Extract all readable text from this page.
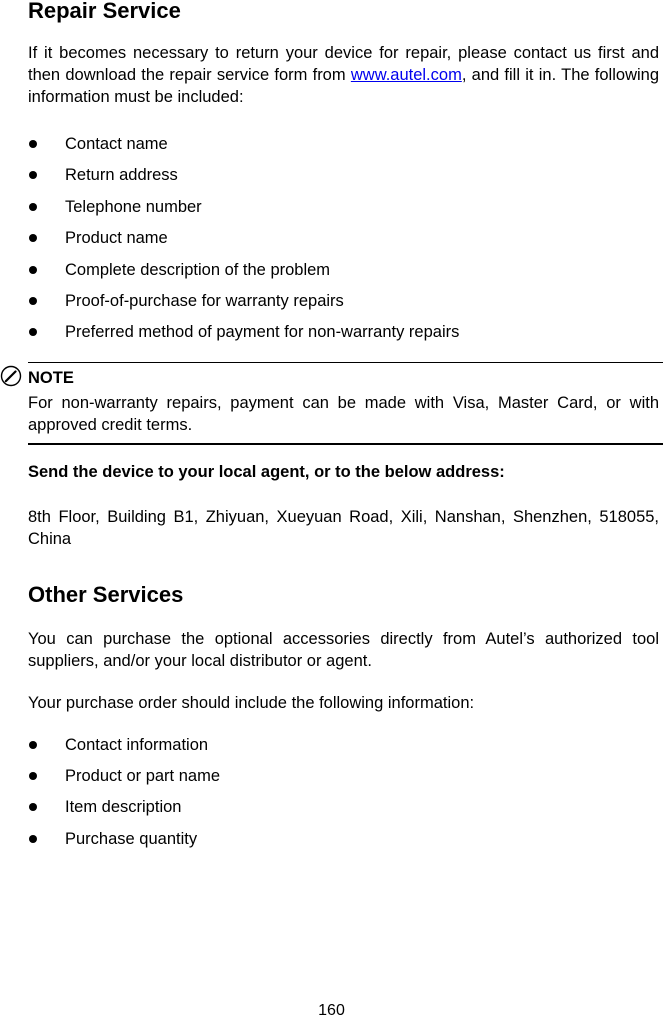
Repair Service

If it becomes necessary to return your device for repair, please contact us first and then download the repair service form from www.autel.com, and fill it in. The following information must be included:

Contact name
Return address
Telephone number
Product name
Complete description of the problem
Proof-of-purchase for warranty repairs
Preferred method of payment for non-warranty repairs

NOTE

For non-warranty repairs, payment can be made with Visa, Master Card, or with approved credit terms.

Send the device to your local agent, or to the below address:

8th Floor, Building B1, Zhiyuan, Xueyuan Road, Xili, Nanshan, Shenzhen, 518055, China

Other Services

You can purchase the optional accessories directly from Autel’s authorized tool suppliers, and/or your local distributor or agent.

Your purchase order should include the following information:

Contact information
Product or part name
Item description
Purchase quantity
160
